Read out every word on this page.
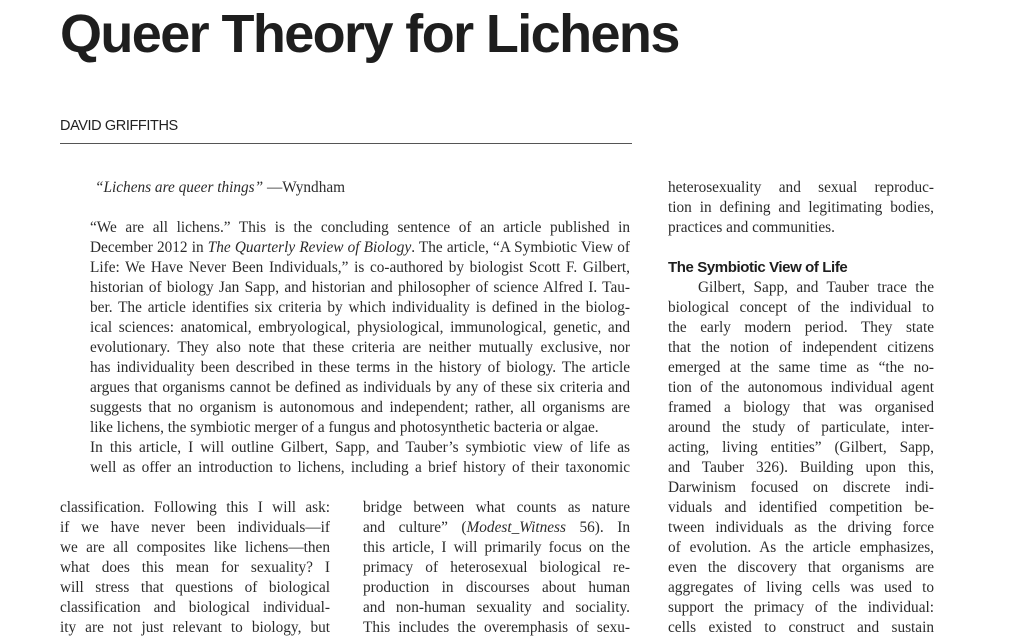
Queer Theory for Lichens
DAVID GRIFFITHS
“Lichens are queer things” —Wyndham

“We are all lichens.” This is the concluding sentence of an article published in
December 2012 in The Quarterly Review of Biology. The article, “A Symbiotic View of
Life: We Have Never Been Individuals,” is co-authored by biologist Scott F. Gilbert,
historian of biology Jan Sapp, and historian and philosopher of science Alfred I. Tau-
ber. The article identifies six criteria by which individuality is defined in the biolog-
ical sciences: anatomical, embryological, physiological, immunological, genetic, and
evolutionary. They also note that these criteria are neither mutually exclusive, nor
has individuality been described in these terms in the history of biology. The article
argues that organisms cannot be defined as individuals by any of these six criteria and
suggests that no organism is autonomous and independent; rather, all organisms are
like lichens, the symbiotic merger of a fungus and photosynthetic bacteria or algae.

In this article, I will outline Gilbert, Sapp, and Tauber’s symbiotic view of life as
well as offer an introduction to lichens, including a brief history of their taxonomic

classification. Following this I will ask:
if we have never been individuals—if
we are all composites like lichens—then
what does this mean for sexuality? I
will stress that questions of biological
classification and biological individual-
ity are not just relevant to biology, but

bridge between what counts as nature
and culture” (Modest_Witness 56). In
this article, I will primarily focus on the
primacy of heterosexual biological re-
production in discourses about human
and non-human sexuality and sociality.
This includes the overemphasis of sexu-

heterosexuality and sexual reproduc-
tion in defining and legitimating bodies,
practices and communities.

The Symbiotic View of Life

Gilbert, Sapp, and Tauber trace the
biological concept of the individual to
the early modern period. They state
that the notion of independent citizens
emerged at the same time as “the no-
tion of the autonomous individual agent
framed a biology that was organised
around the study of particulate, inter-
acting, living entities” (Gilbert, Sapp,
and Tauber 326). Building upon this,
Darwinism focused on discrete indi-
viduals and identified competition be-
tween individuals as the driving force
of evolution. As the article emphasizes,
even the discovery that organisms are
aggregates of living cells was used to
support the primacy of the individual:
cells existed to construct and sustain
